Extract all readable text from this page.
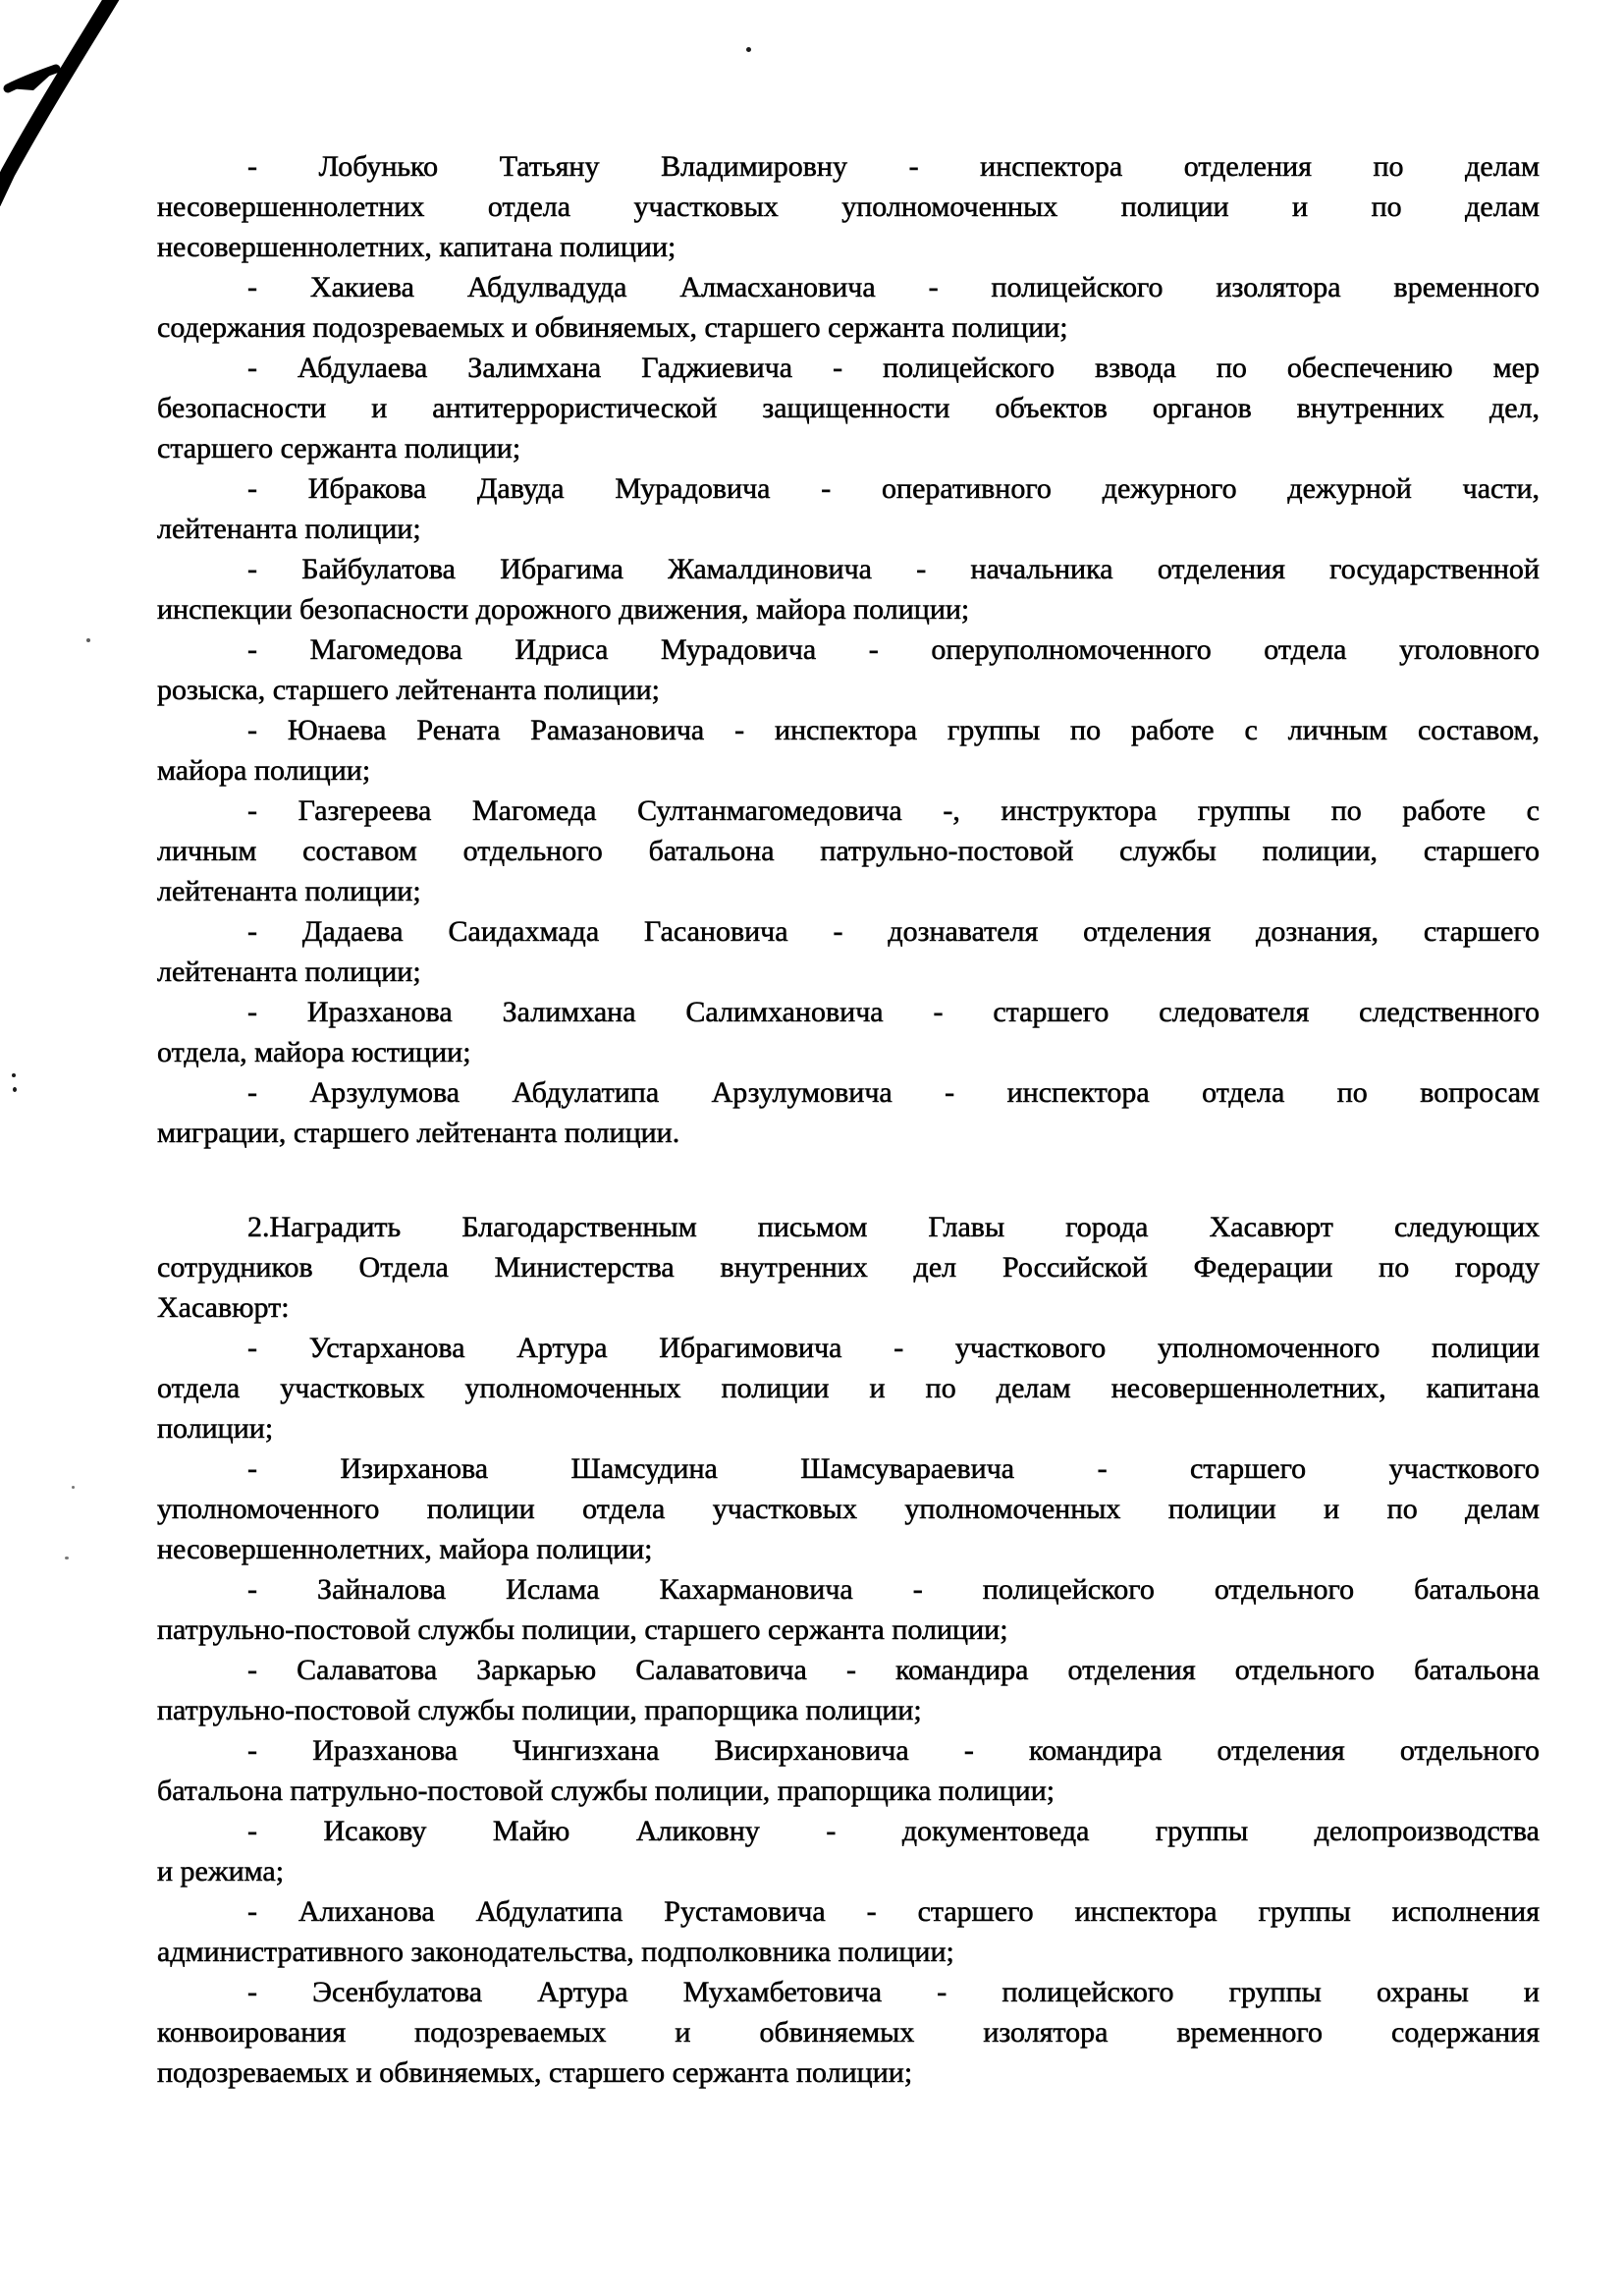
- Лобунько Татьяну Владимировну - инспектора отделения по делам
несовершеннолетних отдела участковых уполномоченных полиции и по делам
несовершеннолетних, капитана полиции;
- Хакиева Абдулвадуда Алмасхановича - полицейского изолятора временного
содержания подозреваемых и обвиняемых, старшего сержанта полиции;
- Абдулаева Залимхана Гаджиевича - полицейского взвода по обеспечению мер
безопасности и антитеррористической защищенности объектов органов внутренних дел,
старшего сержанта полиции;
- Ибракова Давуда Мурадовича - оперативного дежурного дежурной части,
лейтенанта полиции;
- Байбулатова Ибрагима Жамалдиновича - начальника отделения государственной
инспекции безопасности дорожного движения, майора полиции;
- Магомедова Идриса Мурадовича - оперуполномоченного отдела уголовного
розыска, старшего лейтенанта полиции;
- Юнаева Рената Рамазановича - инспектора группы по работе с личным составом,
майора полиции;
- Газгереева Магомеда Султанмагомедовича -, инструктора группы по работе с
личным составом отдельного батальона патрульно-постовой службы полиции, старшего
лейтенанта полиции;
- Дадаева Саидахмада Гасановича - дознавателя отделения дознания, старшего
лейтенанта полиции;
- Иразханова Залимхана Салимхановича - старшего следователя следственного
отдела, майора юстиции;
- Арзулумова Абдулатипа Арзулумовича - инспектора отдела по вопросам
миграции, старшего лейтенанта полиции.
2.Наградить Благодарственным письмом Главы города Хасавюрт следующих
сотрудников Отдела Министерства внутренних дел Российской Федерации по городу
Хасавюрт:
- Устарханова Артура Ибрагимовича - участкового уполномоченного полиции
отдела участковых уполномоченных полиции и по делам несовершеннолетних, капитана
полиции;
- Изирханова Шамсудина Шамсувараевича - старшего участкового
уполномоченного полиции отдела участковых уполномоченных полиции и по делам
несовершеннолетних, майора полиции;
- Зайналова Ислама Кахармановича - полицейского отдельного батальона
патрульно-постовой службы полиции, старшего сержанта полиции;
- Салаватова Заркарью Салаватовича - командира отделения отдельного батальона
патрульно-постовой службы полиции, прапорщика полиции;
- Иразханова Чингизхана Висирхановича - командира отделения отдельного
батальона патрульно-постовой службы полиции, прапорщика полиции;
- Исакову Майю Аликовну - документоведа группы делопроизводства
и режима;
- Алиханова Абдулатипа Рустамовича - старшего инспектора группы исполнения
административного законодательства, подполковника полиции;
- Эсенбулатова Артура Мухамбетовича - полицейского группы охраны и
конвоирования подозреваемых и обвиняемых изолятора временного содержания
подозреваемых и обвиняемых, старшего сержанта полиции;
